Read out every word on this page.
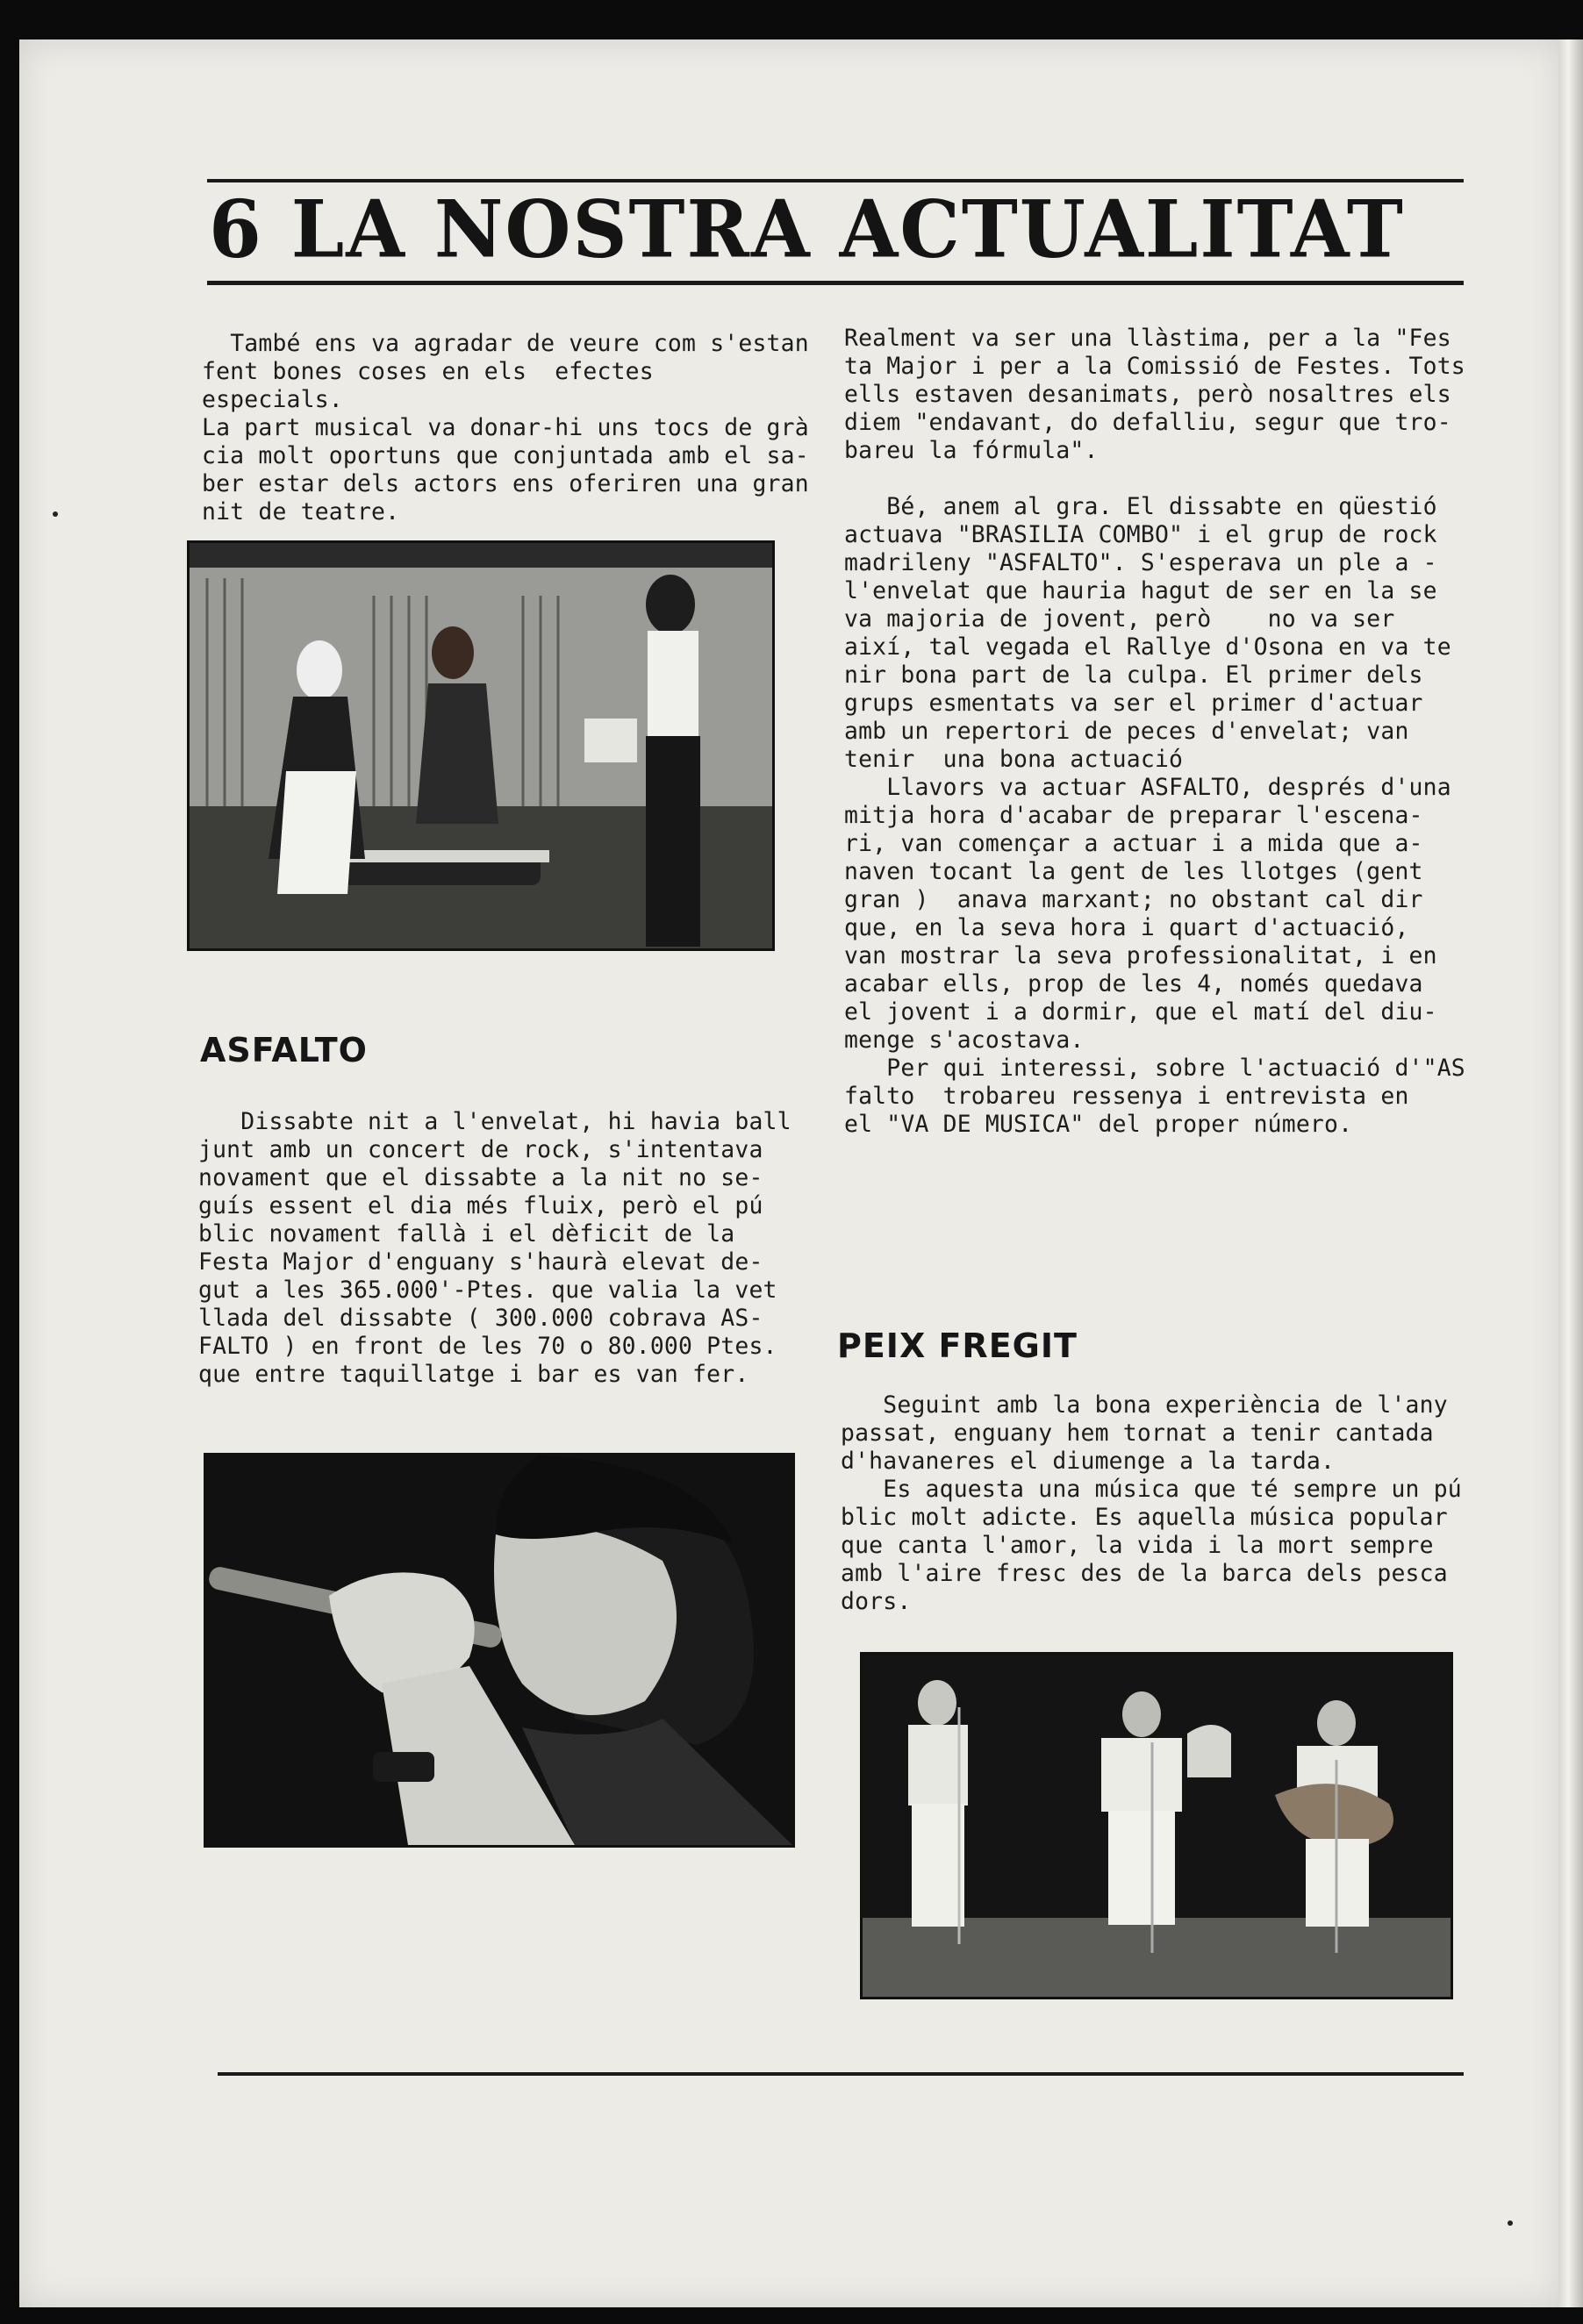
6 LA NOSTRA ACTUALITAT
També ens va agradar de veure com s'estan
fent bones coses en els  efectes  especials.
La part musical va donar-hi uns tocs de grà
cia molt oportuns que conjuntada amb el sa-
ber estar dels actors ens oferiren una gran
nit de teatre.
ASFALTO
Dissabte nit a l'envelat, hi havia ball
junt amb un concert de rock, s'intentava
novament que el dissabte a la nit no se-
guís essent el dia més fluix, però el pú
blic novament fallà i el dèficit de la
Festa Major d'enguany s'haurà elevat de-
gut a les 365.000'-Ptes. que valia la vet
llada del dissabte ( 300.000 cobrava AS-
FALTO ) en front de les 70 o 80.000 Ptes.
que entre taquillatge i bar es van fer.
Realment va ser una llàstima, per a la "Fes
ta Major i per a la Comissió de Festes. Tots
ells estaven desanimats, però nosaltres els
diem "endavant, do defalliu, segur que tro-
bareu la fórmula".

Bé, anem al gra. El dissabte en qüestió
actuava "BRASILIA COMBO" i el grup de rock
madrileny "ASFALTO". S'esperava un ple a -
l'envelat que hauria hagut de ser en la se
va majoria de jovent, però    no va ser
així, tal vegada el Rallye d'Osona en va te
nir bona part de la culpa. El primer dels
grups esmentats va ser el primer d'actuar
amb un repertori de peces d'envelat; van
tenir  una bona actuació
Llavors va actuar ASFALTO, després d'una
mitja hora d'acabar de preparar l'escena-
ri, van començar a actuar i a mida que a-
naven tocant la gent de les llotges (gent
gran )  anava marxant; no obstant cal dir
que, en la seva hora i quart d'actuació,
van mostrar la seva professionalitat, i en
acabar ells, prop de les 4, només quedava
el jovent i a dormir, que el matí del diu-
menge s'acostava.
Per qui interessi, sobre l'actuació d'"AS
falto  trobareu ressenya i entrevista en
el "VA DE MUSICA" del proper número.
PEIX FREGIT
Seguint amb la bona experiència de l'any
passat, enguany hem tornat a tenir cantada
d'havaneres el diumenge a la tarda.
Es aquesta una música que té sempre un pú
blic molt adicte. Es aquella música popular
que canta l'amor, la vida i la mort sempre
amb l'aire fresc des de la barca dels pesca
dors.
